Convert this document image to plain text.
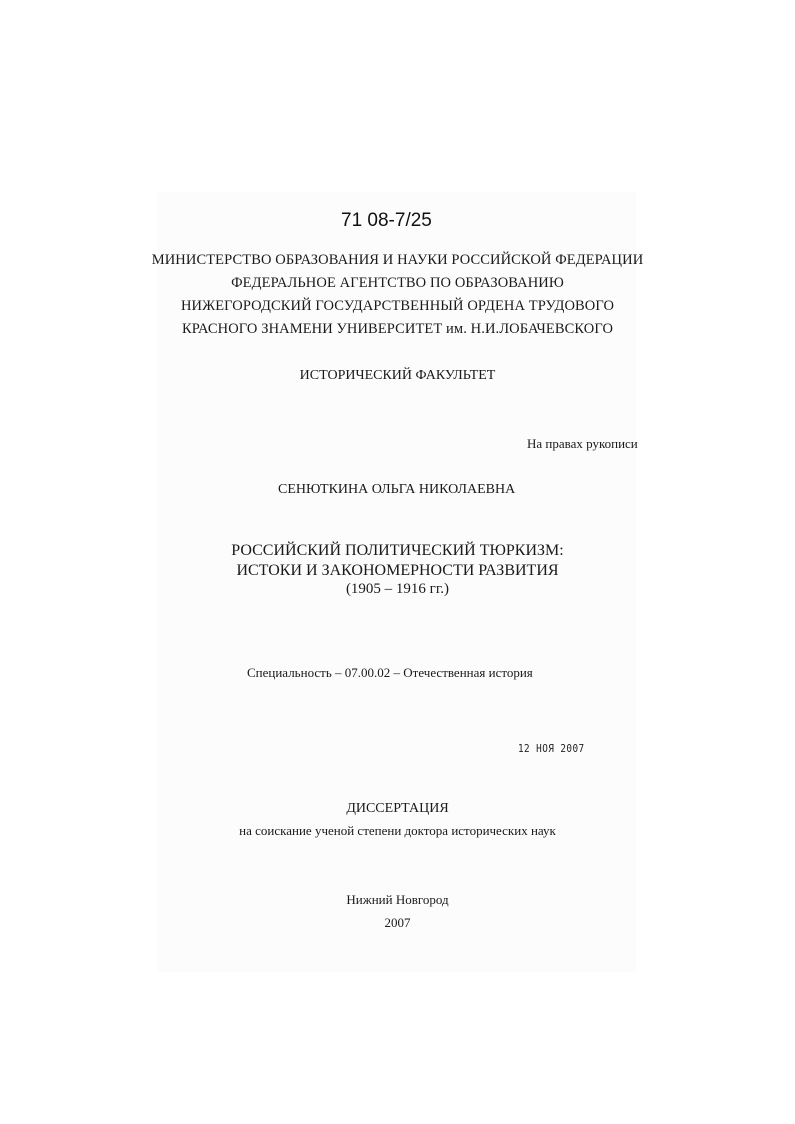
71 08-7/25
МИНИСТЕРСТВО ОБРАЗОВАНИЯ И НАУКИ РОССИЙСКОЙ ФЕДЕРАЦИИ
ФЕДЕРАЛЬНОЕ АГЕНТСТВО ПО ОБРАЗОВАНИЮ
НИЖЕГОРОДСКИЙ ГОСУДАРСТВЕННЫЙ ОРДЕНА ТРУДОВОГО
КРАСНОГО ЗНАМЕНИ УНИВЕРСИТЕТ им. Н.И.ЛОБАЧЕВСКОГО
ИСТОРИЧЕСКИЙ ФАКУЛЬТЕТ
На правах рукописи
СЕНЮТКИНА ОЛЬГА НИКОЛАЕВНА
РОССИЙСКИЙ ПОЛИТИЧЕСКИЙ ТЮРКИЗМ:
ИСТОКИ И ЗАКОНОМЕРНОСТИ РАЗВИТИЯ
(1905 – 1916 гг.)
Специальность – 07.00.02 – Отечественная история
12 НОЯ 2007
ДИССЕРТАЦИЯ
на соискание ученой степени доктора исторических наук
Нижний Новгород
2007
